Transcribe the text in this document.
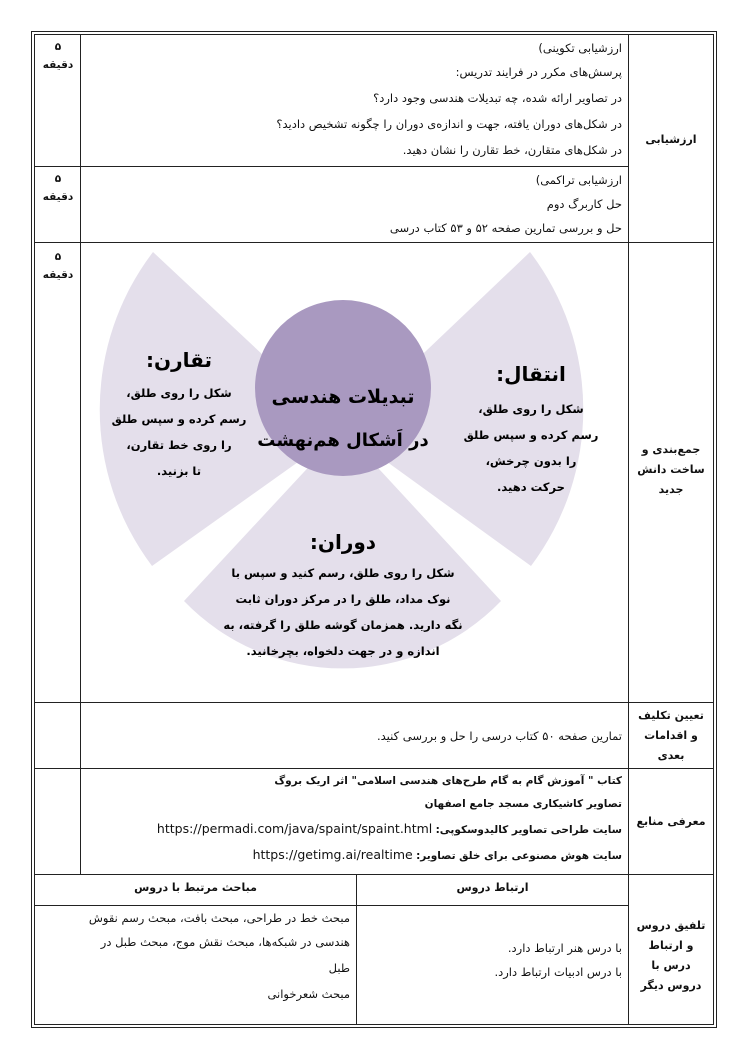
۵
دقیقه
ارزشیابی تکوینی)
پرسش‌های مکرر در فرایند تدریس:
در تصاویر ارائه شده، چه تبدیلات هندسی وجود دارد؟
در شکل‌های دوران یافته، جهت و اندازه‌ی دوران را چگونه تشخیص دادید؟
در شکل‌های متقارن، خط تقارن را نشان دهید.
۵
دقیقه
ارزشیابی تراکمی)
حل کاربرگ دوم
حل و بررسی تمارین صفحه ۵۲ و ۵۳ کتاب درسی
ارزشیابی
۵
دقیقه
جمع‌بندی و
ساخت دانش
جدید
تبدیلات هندسی
در اَشکال هم‌نهشت
انتقال:
شکل را روی طلق،
رسم کرده و سپس طلق
را بدون چرخش،
حرکت دهید.
تقارن:
شکل را روی طلق،
رسم کرده و سپس طلق
را روی خط تقارن،
تا بزنید.
دوران:
شکل را روی طلق، رسم کنید و سپس با
نوک مداد، طلق را در مرکز دوران ثابت
نگه دارید. همزمان گوشه طلق را گرفته، به
اندازه و در جهت دلخواه، بچرخانید.
تعیین تکلیف
و اقدامات
بعدی
تمارین صفحه ۵۰ کتاب درسی را حل و بررسی کنید.
معرفی منابع
کتاب " آموزش گام به گام طرح‌های هندسی اسلامی" اثر اریک بروگ
تصاویر کاشیکاری مسجد جامع اصفهان
سایت طراحی تصاویر کالیدوسکوپی: https://permadi.com/java/spaint/spaint.html
سایت هوش مصنوعی برای خلق تصاویر: https://getimg.ai/realtime
تلفیق دروس
و ارتباط
درس با
دروس دیگر
ارتباط دروس
مباحث مرتبط با دروس
با درس هنر ارتباط دارد.
با درس ادبیات ارتباط دارد.
مبحث خط در طراحی، مبحث بافت، مبحث رسم نقوش
هندسی در شبکه‌ها، مبحث نقش موج، مبحث طبل در
طبل
مبحث شعرخوانی
